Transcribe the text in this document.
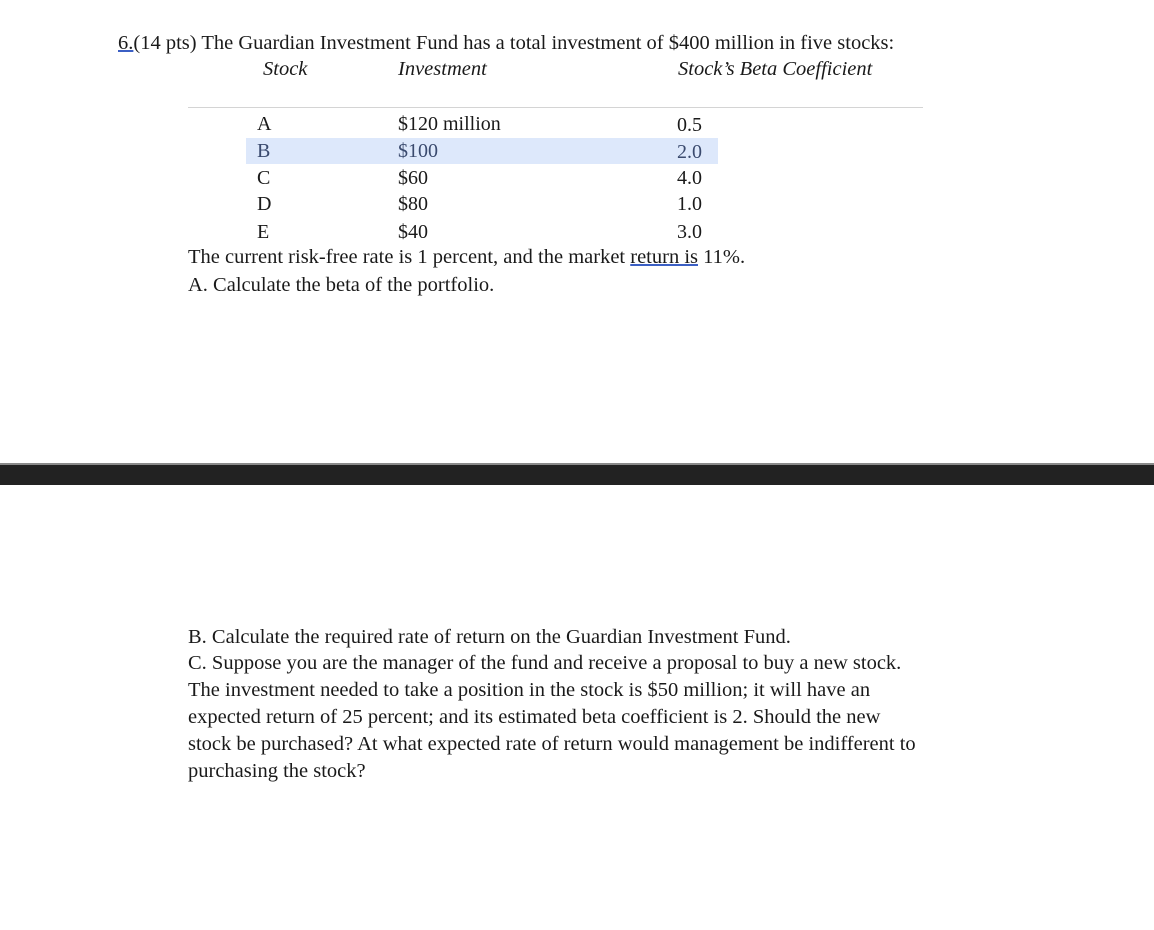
6.(14 pts) The Guardian Investment Fund has a total investment of $400 million in five stocks:
Stock	Investment	Stock’s Beta Coefficient
A	$120 million	0.5
B	$100	2.0
C	$60	4.0
D	$80	1.0
E	$40	3.0
The current risk-free rate is 1 percent, and the market return is 11%.
A. Calculate the beta of the portfolio.
B. Calculate the required rate of return on the Guardian Investment Fund.
C. Suppose you are the manager of the fund and receive a proposal to buy a new stock.
The investment needed to take a position in the stock is $50 million; it will have an
expected return of 25 percent; and its estimated beta coefficient is 2. Should the new
stock be purchased? At what expected rate of return would management be indifferent to
purchasing the stock?
